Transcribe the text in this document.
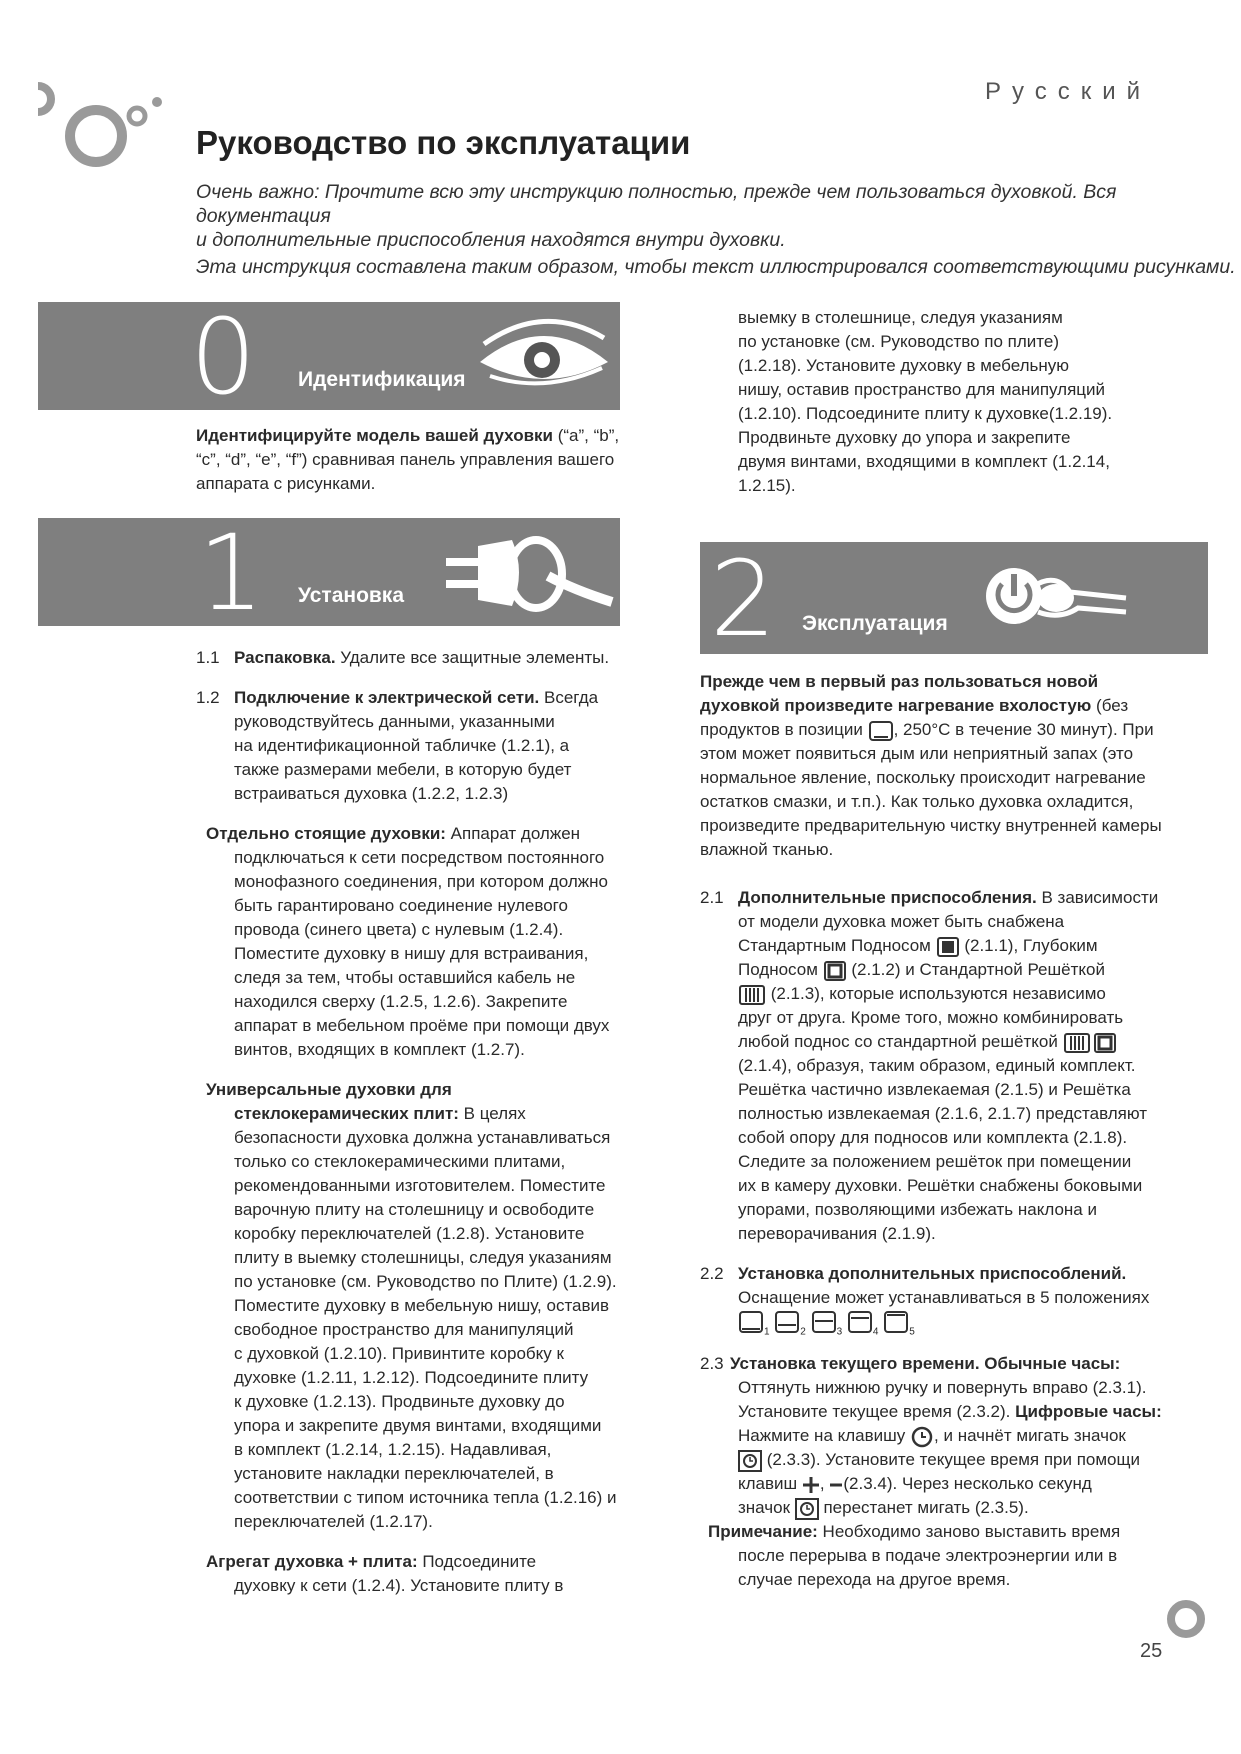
Русский
Руководство по эксплуатации
Очень важно: Прочтите всю эту инструкцию полностью, прежде чем пользоваться духовкой. Вся документация
и дополнительные приспособления находятся внутри духовки.
Эта инструкция составлена таким образом, чтобы текст иллюстрировался соответствующими рисунками.
0 Идентификация
Идентифицируйте модель вашей духовки (“a”, “b”,
“c”, “d”, “e”, “f”) сравнивая панель управления вашего
аппарата с рисунками.
1 Установка
1.1 Распаковка. Удалите все защитные элементы.
1.2 Подключение к электрической сети. Всегда
руководствуйтесь данными, указанными
на идентификационной табличке (1.2.1), а
также размерами мебели, в которую будет
встраиваться духовка (1.2.2, 1.2.3)
Отдельно стоящие духовки: Аппарат должен
подключаться к сети посредством постоянного
монофазного соединения, при котором должно
быть гарантировано соединение нулевого
провода (синего цвета) с нулевым (1.2.4).
Поместите духовку в нишу для встраивания,
следя за тем, чтобы оставшийся кабель не
находился сверху (1.2.5, 1.2.6). Закрепите
аппарат в мебельном проёме при помощи двух
винтов, входящих в комплект (1.2.7).
Универсальные духовки для
стеклокерамических плит: В целях
безопасности духовка должна устанавливаться
только со стеклокерамическими плитами,
рекомендованными изготовителем. Поместите
варочную плиту на столешницу и освободите
коробку переключателей (1.2.8). Установите
плиту в выемку столешницы, следуя указаниям
по установке (см. Руководство по Плите) (1.2.9).
Поместите духовку в мебельную нишу, оставив
свободное пространство для манипуляций
с духовкой (1.2.10). Привинтите коробку к
духовке (1.2.11, 1.2.12). Подсоедините плиту
к духовке (1.2.13). Продвиньте духовку до
упора и закрепите двумя винтами, входящими
в комплект (1.2.14, 1.2.15). Надавливая,
установите накладки переключателей, в
соответствии с типом источника тепла (1.2.16) и
переключателей (1.2.17).
Агрегат духовка + плита: Подсоедините
духовку к сети (1.2.4). Установите плиту в
выемку в столешнице, следуя указаниям
по установке (см. Руководство по плите)
(1.2.18). Установите духовку в мебельную
нишу, оставив пространство для манипуляций
(1.2.10). Подсоедините плиту к духовке(1.2.19).
Продвиньте духовку до упора и закрепите
двумя винтами, входящими в комплект (1.2.14,
1.2.15).
2 Эксплуатация
Прежде чем в первый раз пользоваться новой
духовкой произведите нагревание вхолостую (без
продуктов в позиции , 250°C в течение 30 минут). При
этом может появиться дым или неприятный запах (это
нормальное явление, поскольку происходит нагревание
остатков смазки, и т.п.). Как только духовка охладится,
произведите предварительную чистку внутренней камеры
влажной тканью.
2.1 Дополнительные приспособления. В зависимости
от модели духовка может быть снабжена
Стандартным Подносом  (2.1.1), Глубоким
Подносом  (2.1.2) и Стандартной Решёткой
(2.1.3), которые используются независимо
друг от друга. Кроме того, можно комбинировать
любой поднос со стандартной решёткой
(2.1.4), образуя, таким образом, единый комплект.
Решётка частично извлекаемая (2.1.5) и Решётка
полностью извлекаемая (2.1.6, 2.1.7) представляют
собой опору для подносов или комплекта (2.1.8).
Следите за положением решёток при помещении
их в камеру духовки. Решётки снабжены боковыми
упорами, позволяющими избежать наклона и
переворачивания (2.1.9).
2.2 Установка дополнительных приспособлений.
Оснащение может устанавливаться в 5 положениях
$_1$	$_2$	$_3$	$_4$	$_5$
2.3 Установка текущего времени. Обычные часы:
Оттянуть нижнюю ручку и повернуть вправо (2.3.1).
Установите текущее время (2.3.2). Цифровые часы:
Нажмите на клавишу , и начнёт мигать значок
(2.3.3). Установите текущее время при помощи
клавиш , (2.3.4). Через несколько секунд
значок  перестанет мигать (2.3.5).
Примечание: Необходимо заново выставить время
после перерыва в подаче электроэнергии или в
случае перехода на другое время.
25
